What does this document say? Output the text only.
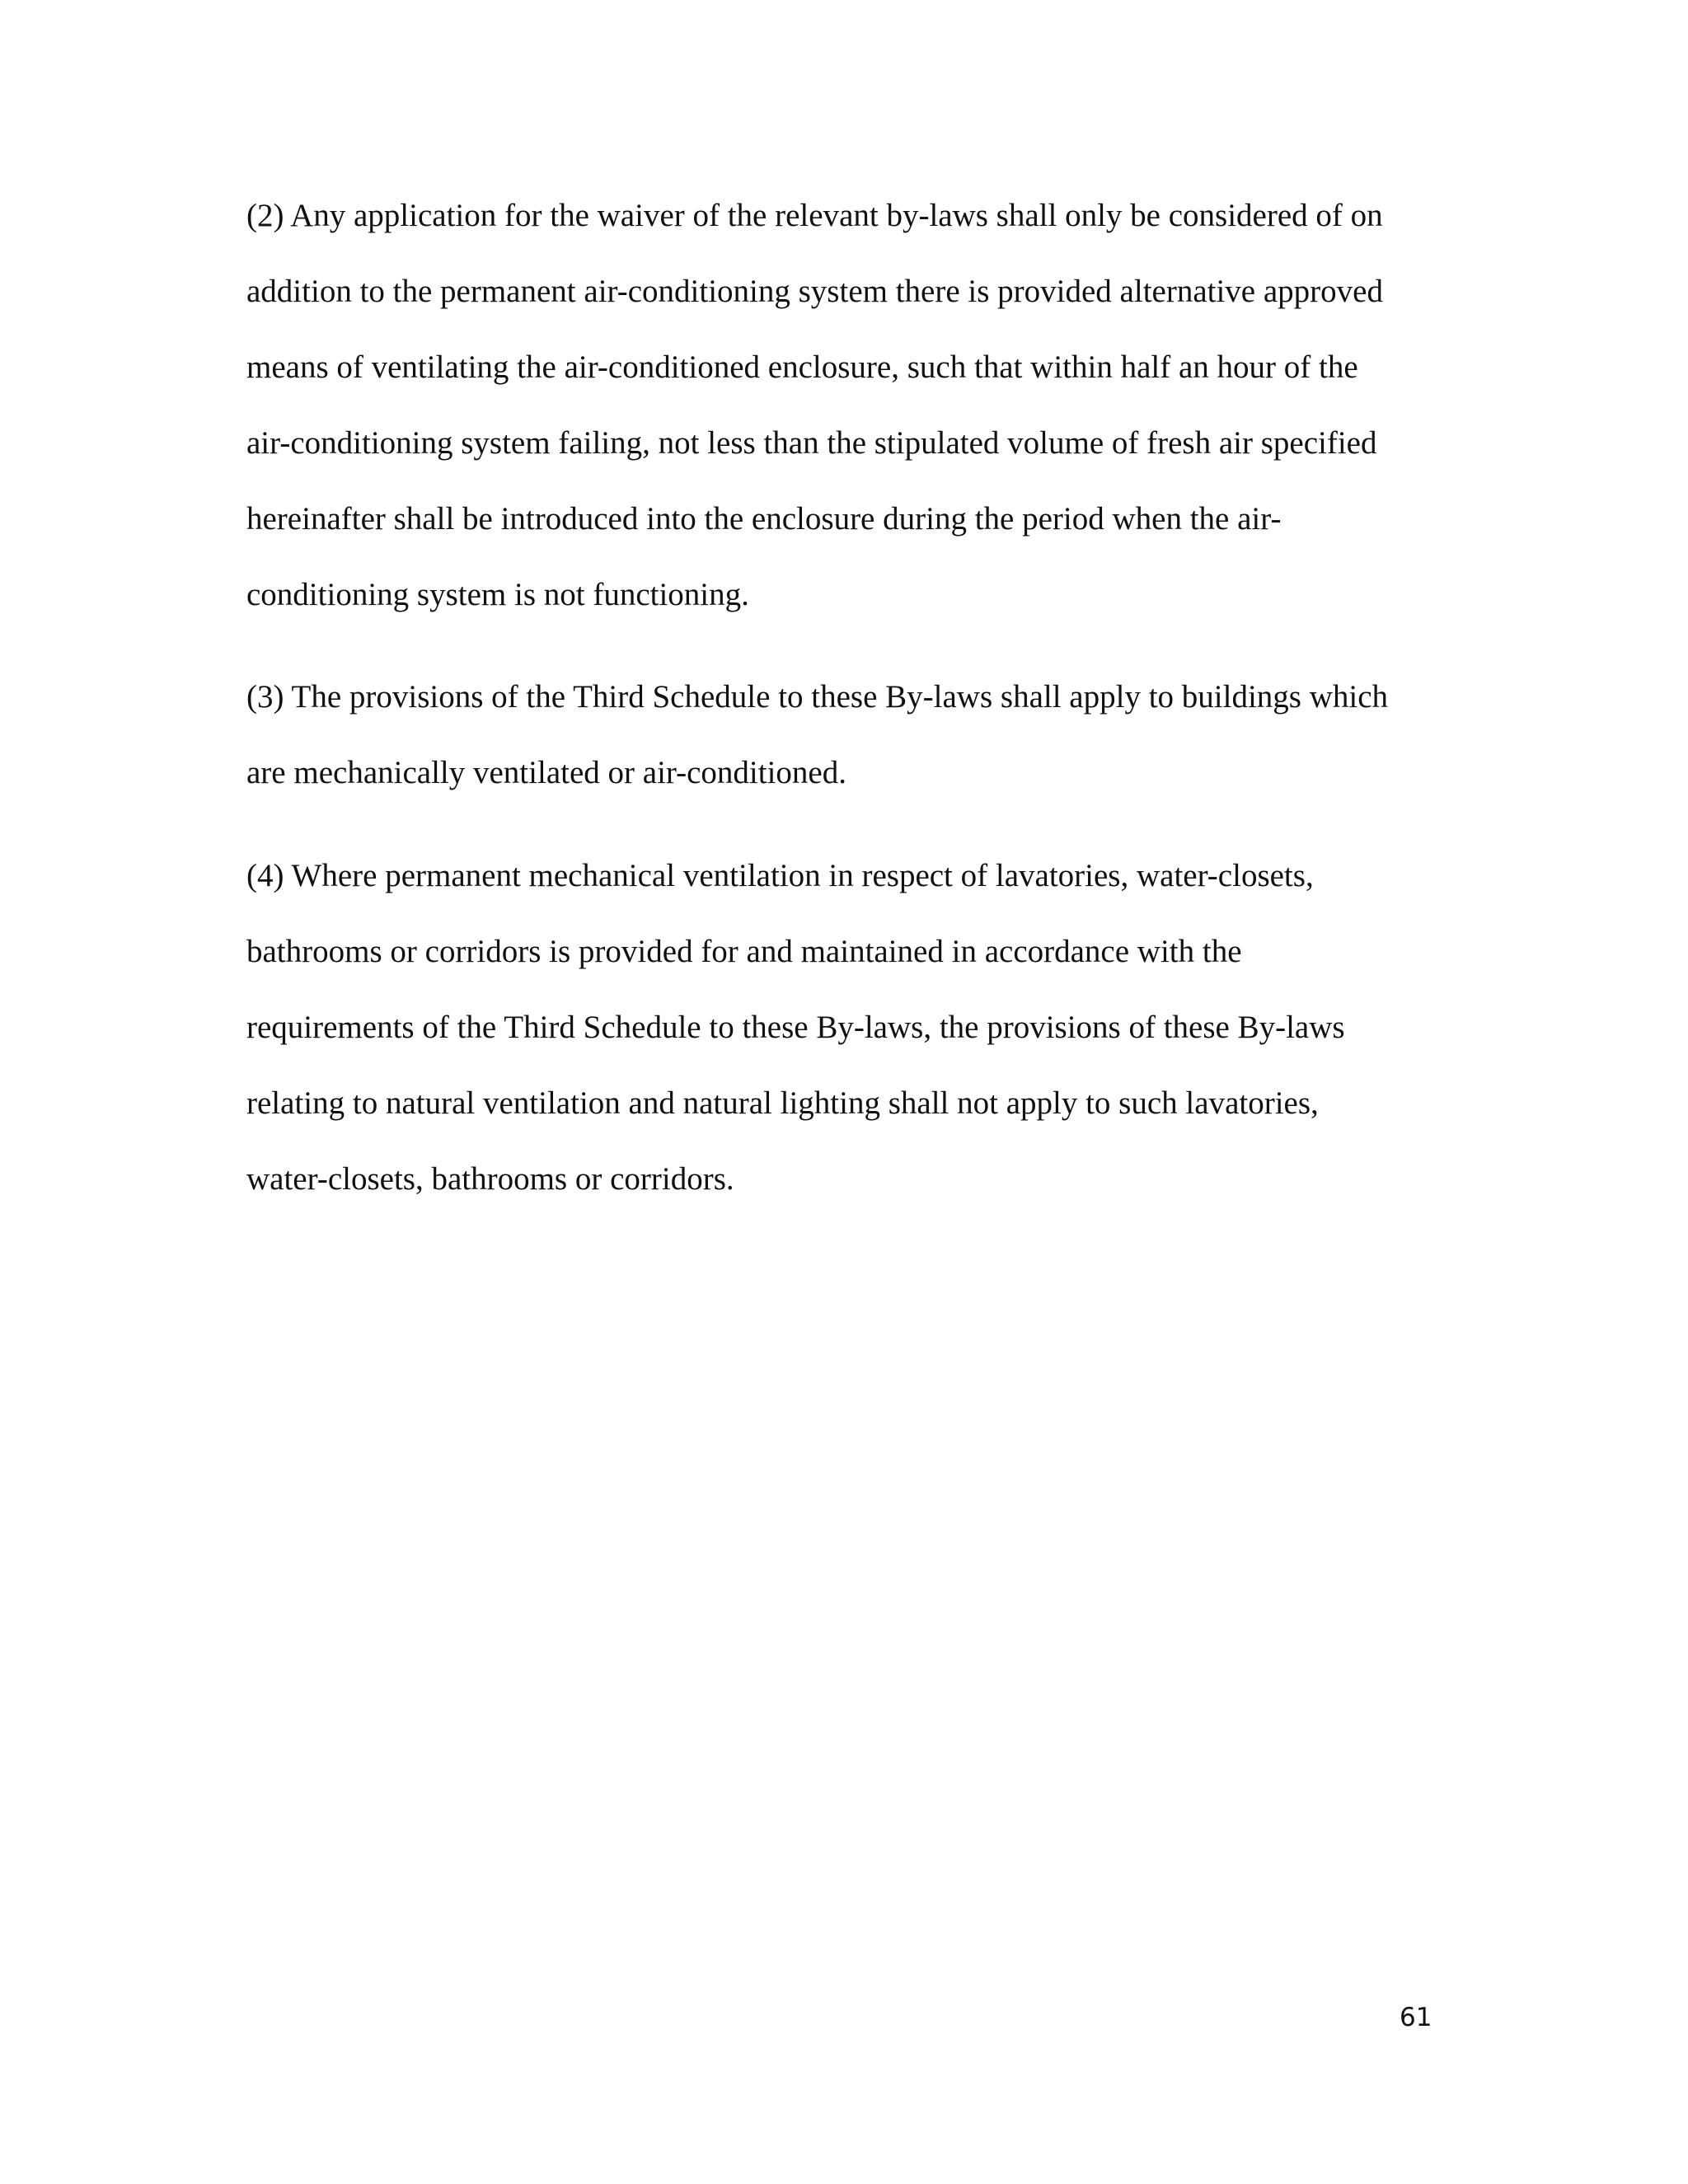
(2) Any application for the waiver of the relevant by-laws shall only be considered of on

addition to the permanent air-conditioning system there is provided alternative approved

means of ventilating the air-conditioned enclosure, such that within half an hour of the

air-conditioning system failing, not less than the stipulated volume of fresh air specified

hereinafter shall be introduced into the enclosure during the period when the air-

conditioning system is not functioning.

(3) The provisions of the Third Schedule to these By-laws shall apply to buildings which

are mechanically ventilated or air-conditioned.

(4) Where permanent mechanical ventilation in respect of lavatories, water-closets,

bathrooms or corridors is provided for and maintained in accordance with the

requirements of the Third Schedule to these By-laws, the provisions of these By-laws

relating to natural ventilation and natural lighting shall not apply to such lavatories,

water-closets, bathrooms or corridors.

61
